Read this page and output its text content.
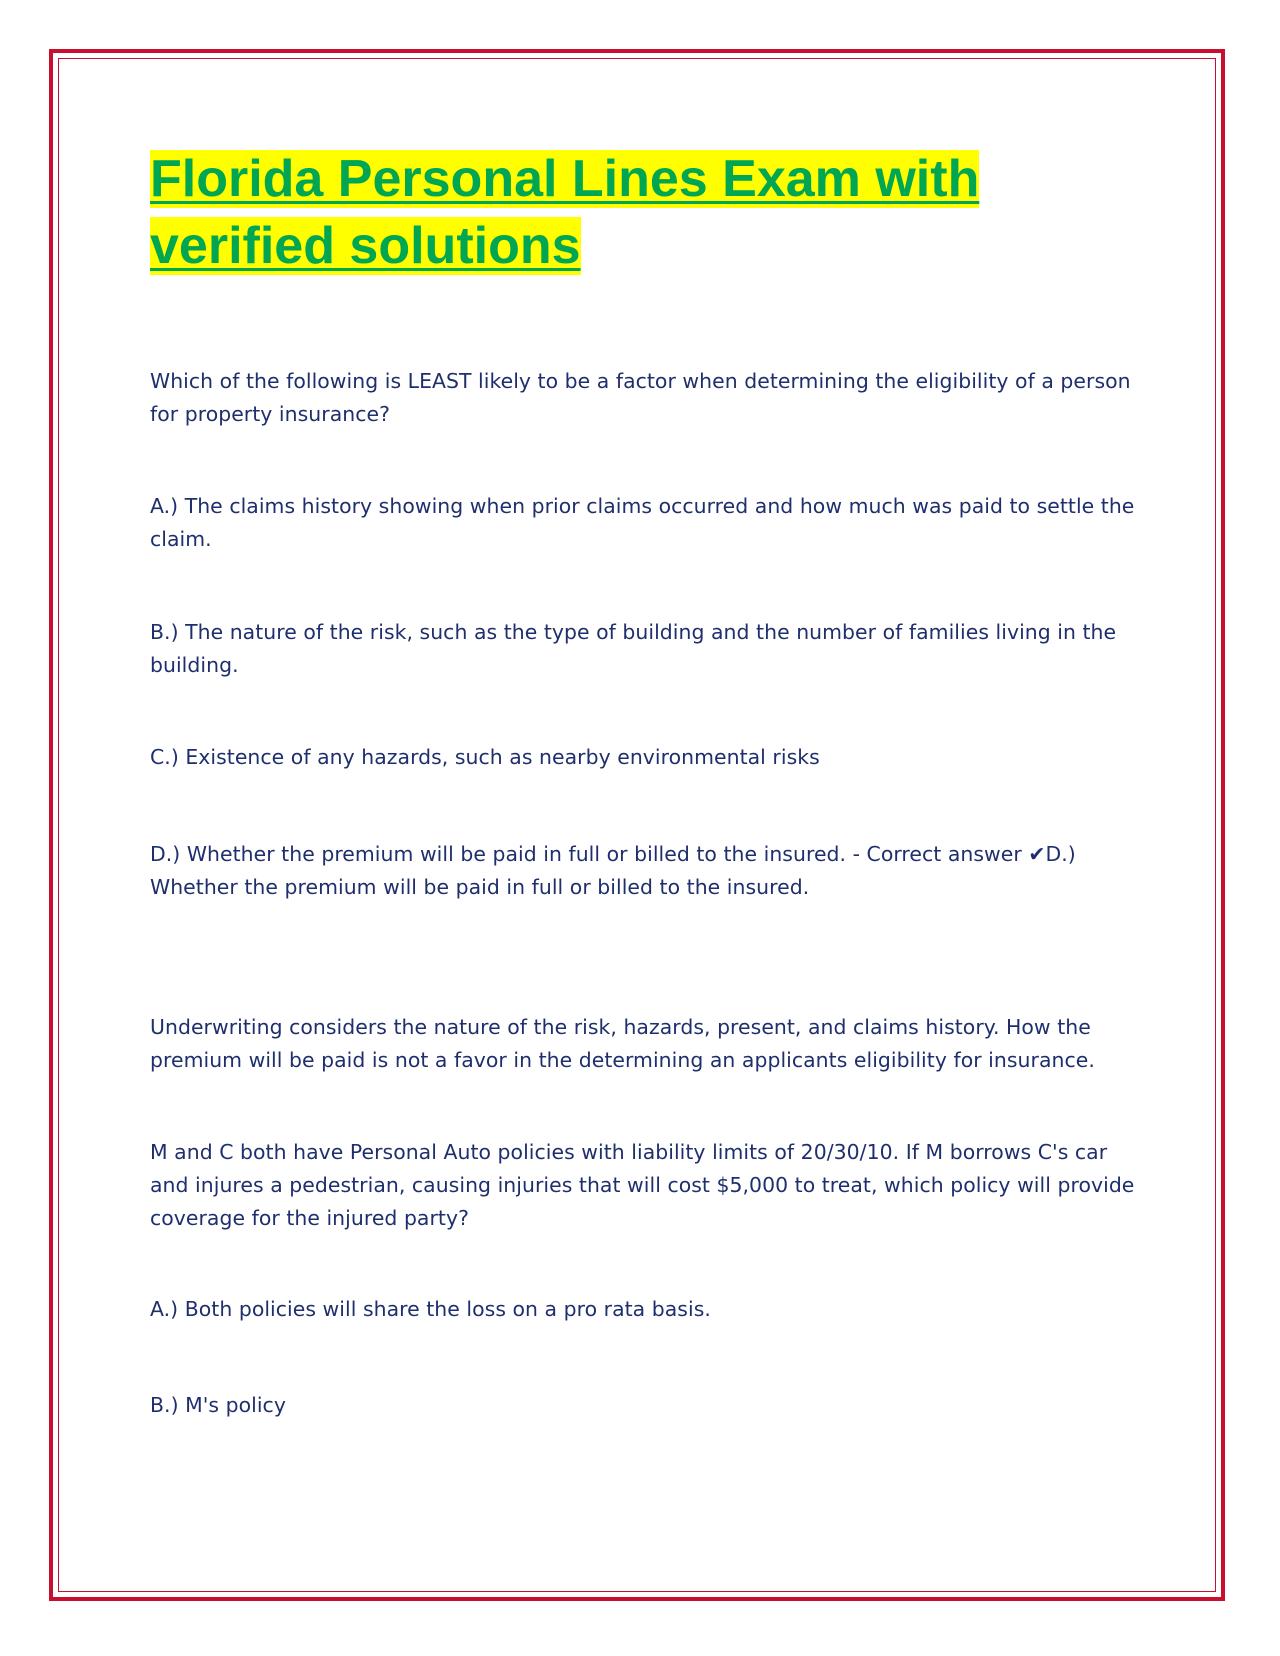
Florida Personal Lines Exam with
verified solutions

Which of the following is LEAST likely to be a factor when determining the eligibility of a person for property insurance?

A.) The claims history showing when prior claims occurred and how much was paid to settle the claim.

B.) The nature of the risk, such as the type of building and the number of families living in the building.

C.) Existence of any hazards, such as nearby environmental risks

D.) Whether the premium will be paid in full or billed to the insured. - Correct answer ✔D.) Whether the premium will be paid in full or billed to the insured.

Underwriting considers the nature of the risk, hazards, present, and claims history. How the premium will be paid is not a favor in the determining an applicants eligibility for insurance.

M and C both have Personal Auto policies with liability limits of 20/30/10. If M borrows C's car and injures a pedestrian, causing injuries that will cost $5,000 to treat, which policy will provide coverage for the injured party?

A.) Both policies will share the loss on a pro rata basis.

B.) M's policy
